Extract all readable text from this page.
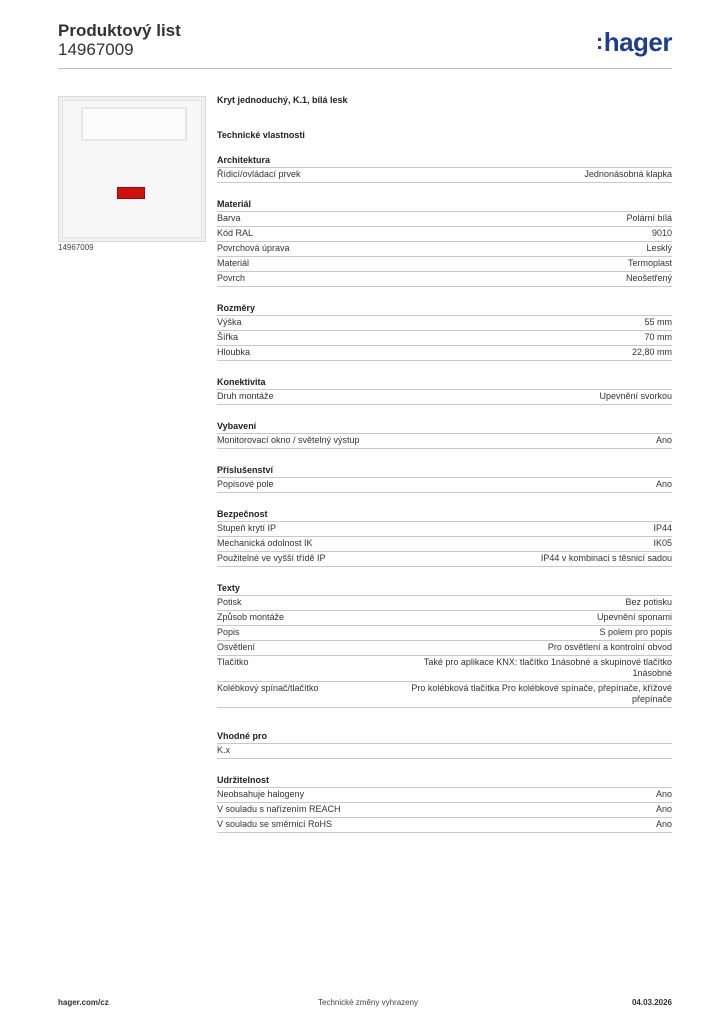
Produktový list
14967009	:hager
14967009
Kryt jednoduchý, K.1, bílá lesk
Technické vlastnosti
Architektura
Řídicí/ovládací prvek	Jednonásobná klapka
Materiál
Barva	Polární bílá
Kód RAL	9010
Povrchová úprava	Lesklý
Materiál	Termoplast
Povrch	Neošetřený
Rozměry
Výška	55 mm
Šířka	70 mm
Hloubka	22,80 mm
Konektivita
Druh montáže	Upevnění svorkou
Vybavení
Monitorovací okno / světelný výstup	Ano
Příslušenství
Popisové pole	Ano
Bezpečnost
Stupeň krytí IP	IP44
Mechanická odolnost IK	IK05
Použitelné ve vyšší třídě IP	IP44 v kombinaci s těsnicí sadou
Texty
Potisk	Bez potisku
Způsob montáže	Upevnění sponami
Popis	S polem pro popis
Osvětlení	Pro osvětlení a kontrolní obvod
Tlačítko	Také pro aplikace KNX: tlačítko 1násobné a skupinové tlačítko 1násobné
Kolébkový spínač/tlačítko	Pro kolébková tlačítka Pro kolébkové spínače, přepínače, křížové přepínače
Vhodné pro
K.x
Udržitelnost
Neobsahuje halogeny	Ano
V souladu s nařízením REACH	Ano
V souladu se směrnicí RoHS	Ano
hager.com/cz	Technické změny vyhrazeny	04.03.2026
